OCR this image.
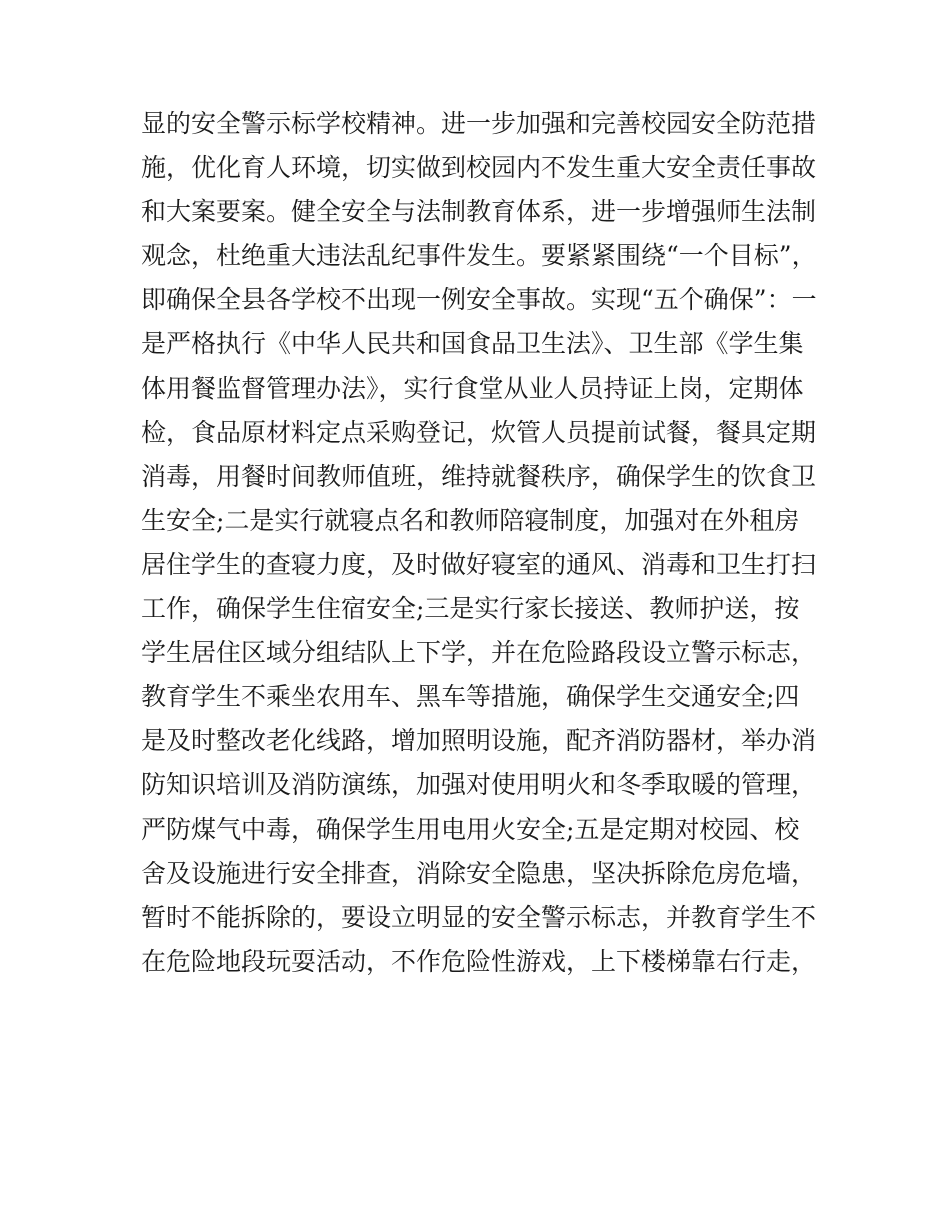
显的安全警示标学校精神。进一步加强和完善校园安全防范措
施，优化育人环境，切实做到校园内不发生重大安全责任事故
和大案要案。健全安全与法制教育体系，进一步增强师生法制
观念，杜绝重大违法乱纪事件发生。要紧紧围绕“一个目标”，
即确保全县各学校不出现一例安全事故。实现“五个确保”：一
是严格执行《中华人民共和国食品卫生法》、卫生部《学生集
体用餐监督管理办法》，实行食堂从业人员持证上岗，定期体
检，食品原材料定点采购登记，炊管人员提前试餐，餐具定期
消毒，用餐时间教师值班，维持就餐秩序，确保学生的饮食卫
生安全;二是实行就寝点名和教师陪寝制度，加强对在外租房
居住学生的查寝力度，及时做好寝室的通风、消毒和卫生打扫
工作，确保学生住宿安全;三是实行家长接送、教师护送，按
学生居住区域分组结队上下学，并在危险路段设立警示标志，
教育学生不乘坐农用车、黑车等措施，确保学生交通安全;四
是及时整改老化线路，增加照明设施，配齐消防器材，举办消
防知识培训及消防演练，加强对使用明火和冬季取暖的管理，
严防煤气中毒，确保学生用电用火安全;五是定期对校园、校
舍及设施进行安全排查，消除安全隐患，坚决拆除危房危墙，
暂时不能拆除的，要设立明显的安全警示标志，并教育学生不
在危险地段玩耍活动，不作危险性游戏，上下楼梯靠右行走，
